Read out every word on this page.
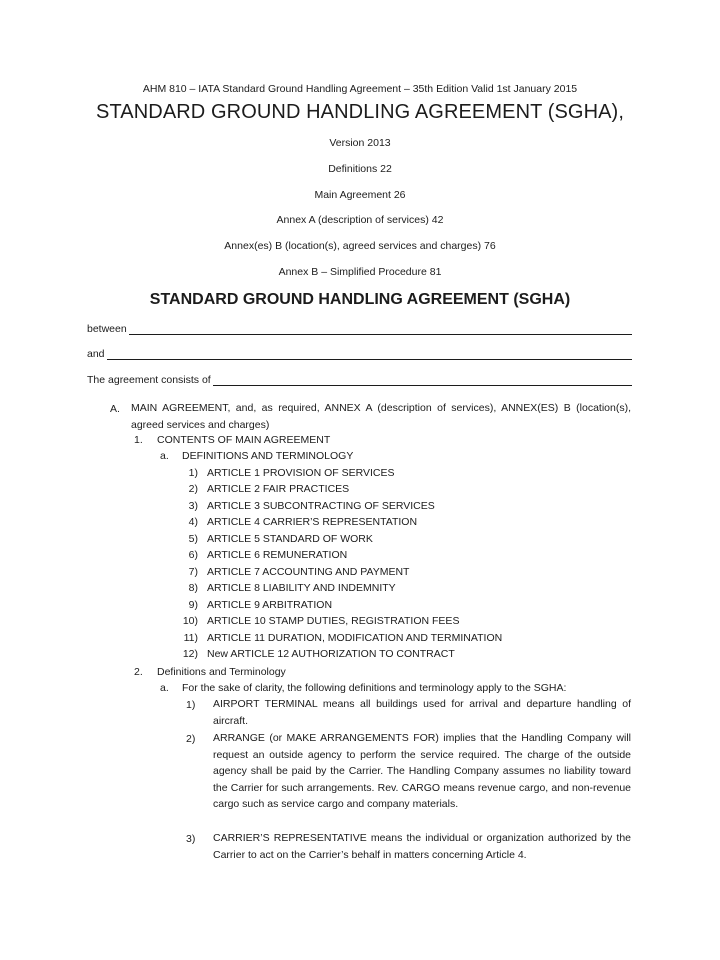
AHM 810 – IATA Standard Ground Handling Agreement – 35th Edition Valid 1st January 2015
STANDARD GROUND HANDLING AGREEMENT (SGHA),
Version 2013
Definitions 22
Main Agreement 26
Annex A (description of services) 42
Annex(es) B (location(s), agreed services and charges) 76
Annex B – Simplified Procedure 81
STANDARD GROUND HANDLING AGREEMENT (SGHA)
between
and
The agreement consists of
A. MAIN AGREEMENT, and, as required, ANNEX A (description of services), ANNEX(ES) B (location(s), agreed services and charges)
1. CONTENTS OF MAIN AGREEMENT
a. DEFINITIONS AND TERMINOLOGY
1) ARTICLE 1 PROVISION OF SERVICES
2) ARTICLE 2 FAIR PRACTICES
3) ARTICLE 3 SUBCONTRACTING OF SERVICES
4) ARTICLE 4 CARRIER’S REPRESENTATION
5) ARTICLE 5 STANDARD OF WORK
6) ARTICLE 6 REMUNERATION
7) ARTICLE 7 ACCOUNTING AND PAYMENT
8) ARTICLE 8 LIABILITY AND INDEMNITY
9) ARTICLE 9 ARBITRATION
10) ARTICLE 10 STAMP DUTIES, REGISTRATION FEES
11) ARTICLE 11 DURATION, MODIFICATION AND TERMINATION
12) New ARTICLE 12 AUTHORIZATION TO CONTRACT
2. Definitions and Terminology
a. For the sake of clarity, the following definitions and terminology apply to the SGHA:
1) AIRPORT TERMINAL means all buildings used for arrival and departure handling of aircraft.
2) ARRANGE (or MAKE ARRANGEMENTS FOR) implies that the Handling Company will request an outside agency to perform the service required. The charge of the outside agency shall be paid by the Carrier. The Handling Company assumes no liability toward the Carrier for such arrangements. Rev. CARGO means revenue cargo, and non-revenue cargo such as service cargo and company materials.
3) CARRIER’S REPRESENTATIVE means the individual or organization authorized by the Carrier to act on the Carrier’s behalf in matters concerning Article 4.
